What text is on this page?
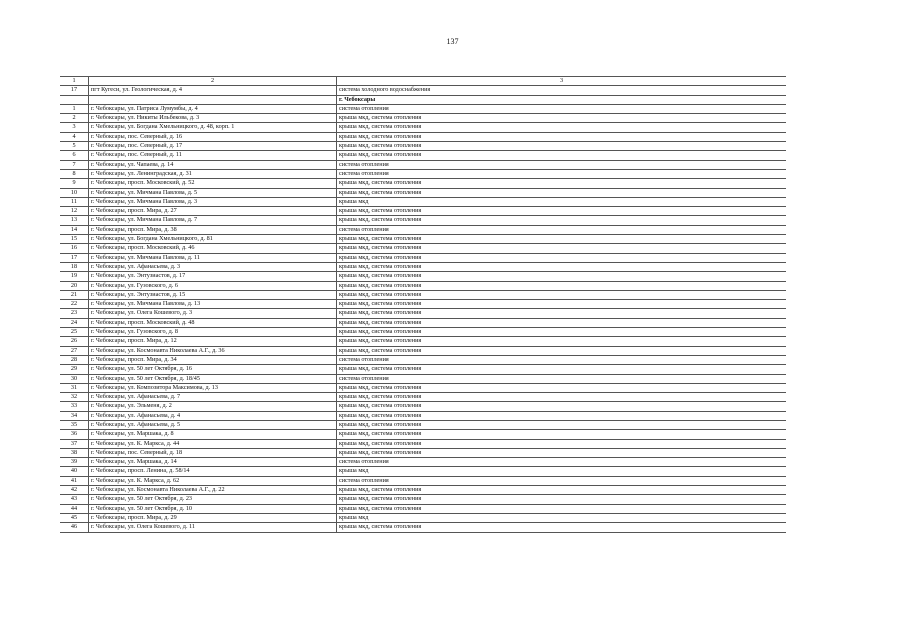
137
1	2	3
17	пгт Кугеси, ул. Геологическая, д. 4	система холодного водоснабжения
		г. Чебоксары
1	г. Чебоксары, ул. Патриса Лумумбы, д. 4	система отопления
2	г. Чебоксары, ул. Никиты Ильбекова, д. 3	крыша мкд, система отопления
3	г. Чебоксары, ул. Богдана Хмельницкого, д. 48, корп. 1	крыша мкд, система отопления
4	г. Чебоксары, пос. Северный, д. 16	крыша мкд, система отопления
5	г. Чебоксары, пос. Северный, д. 17	крыша мкд, система отопления
6	г. Чебоксары, пос. Северный, д. 11	крыша мкд, система отопления
7	г. Чебоксары, ул. Чапаева, д. 14	система отопления
8	г. Чебоксары, ул. Ленинградская, д. 31	система отопления
9	г. Чебоксары, просп. Московский, д. 52	крыша мкд, система отопления
10	г. Чебоксары, ул. Мичмана Павлова, д. 5	крыша мкд, система отопления
11	г. Чебоксары, ул. Мичмана Павлова, д. 3	крыша мкд
12	г. Чебоксары, просп. Мира, д. 27	крыша мкд, система отопления
13	г. Чебоксары, ул. Мичмана Павлова, д. 7	крыша мкд, система отопления
14	г. Чебоксары, просп. Мира, д. 38	система отопления
15	г. Чебоксары, ул. Богдана Хмельницкого, д. 81	крыша мкд, система отопления
16	г. Чебоксары, просп. Московский, д. 46	крыша мкд, система отопления
17	г. Чебоксары, ул. Мичмана Павлова, д. 11	крыша мкд, система отопления
18	г. Чебоксары, ул. Афанасьева, д. 3	крыша мкд, система отопления
19	г. Чебоксары, ул. Энтузиастов, д. 17	крыша мкд, система отопления
20	г. Чебоксары, ул. Гузовского, д. 6	крыша мкд, система отопления
21	г. Чебоксары, ул. Энтузиастов, д. 15	крыша мкд, система отопления
22	г. Чебоксары, ул. Мичмана Павлова, д. 13	крыша мкд, система отопления
23	г. Чебоксары, ул. Олега Кошевого, д. 3	крыша мкд, система отопления
24	г. Чебоксары, просп. Московский, д. 48	крыша мкд, система отопления
25	г. Чебоксары, ул. Гузовского, д. 8	крыша мкд, система отопления
26	г. Чебоксары, просп. Мира, д. 12	крыша мкд, система отопления
27	г. Чебоксары, ул. Космонавта Николаева А.Г., д. 36	крыша мкд, система отопления
28	г. Чебоксары, просп. Мира, д. 34	система отопления
29	г. Чебоксары, ул. 50 лет Октября, д. 16	крыша мкд, система отопления
30	г. Чебоксары, ул. 50 лет Октября, д. 18/45	система отопления
31	г. Чебоксары, ул. Композитора Максимова, д. 13	крыша мкд, система отопления
32	г. Чебоксары, ул. Афанасьева, д. 7	крыша мкд, система отопления
33	г. Чебоксары, ул. Эльменя, д. 2	крыша мкд, система отопления
34	г. Чебоксары, ул. Афанасьева, д. 4	крыша мкд, система отопления
35	г. Чебоксары, ул. Афанасьева, д. 5	крыша мкд, система отопления
36	г. Чебоксары, ул. Маршака, д. 8	крыша мкд, система отопления
37	г. Чебоксары, ул. К. Маркса, д. 44	крыша мкд, система отопления
38	г. Чебоксары, пос. Северный, д. 18	крыша мкд, система отопления
39	г. Чебоксары, ул. Маршака, д. 14	система отопления
40	г. Чебоксары, просп. Ленина, д. 58/14	крыша мкд
41	г. Чебоксары, ул. К. Маркса, д. 62	система отопления
42	г. Чебоксары, ул. Космонавта Николаева А.Г., д. 22	крыша мкд, система отопления
43	г. Чебоксары, ул. 50 лет Октября, д. 23	крыша мкд, система отопления
44	г. Чебоксары, ул. 50 лет Октября, д. 10	крыша мкд, система отопления
45	г. Чебоксары, просп. Мира, д. 29	крыша мкд
46	г. Чебоксары, ул. Олега Кошевого, д. 11	крыша мкд, система отопления
